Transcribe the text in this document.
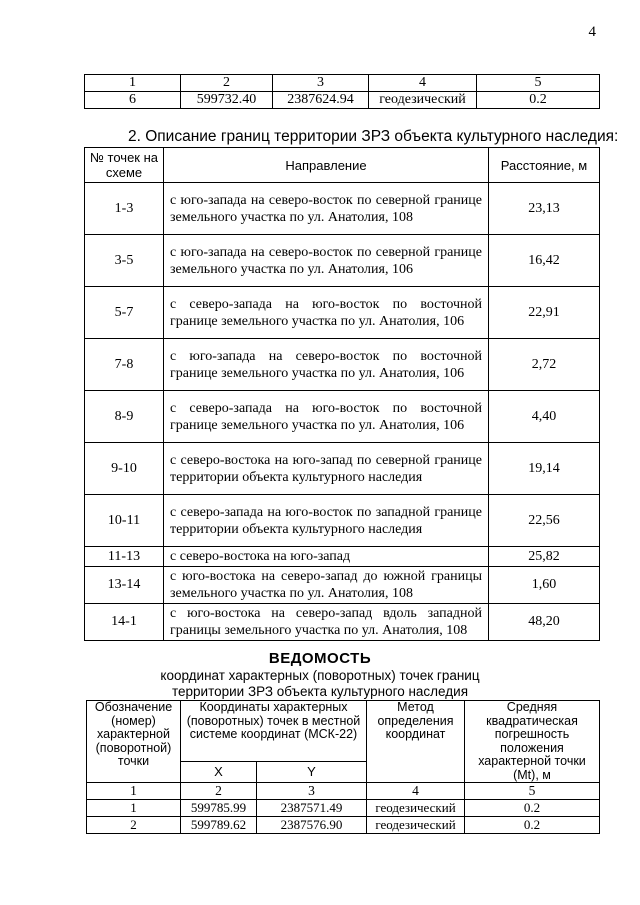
4
1	2	3	4	5
6	599732.40	2387624.94	геодезический	0.2
2. Описание границ территории ЗРЗ объекта культурного наследия:
№ точек на схеме	Направление	Расстояние, м
1-3	с юго-запада на северо-восток по северной границе земельного участка по ул. Анатолия, 108	23,13
3-5	с юго-запада на северо-восток по северной границе земельного участка по ул. Анатолия, 106	16,42
5-7	с северо-запада на юго-восток по восточной границе земельного участка по ул. Анатолия, 106	22,91
7-8	с юго-запада на северо-восток по восточной границе земельного участка по ул. Анатолия, 106	2,72
8-9	с северо-запада на юго-восток по восточной границе земельного участка по ул. Анатолия, 106	4,40
9-10	с северо-востока на юго-запад по северной границе территории объекта культурного наследия	19,14
10-11	с северо-запада на юго-восток по западной границе территории объекта культурного наследия	22,56
11-13	с северо-востока на юго-запад	25,82
13-14	с юго-востока на северо-запад до южной границы земельного участка по ул. Анатолия, 108	1,60
14-1	с юго-востока на северо-запад вдоль западной границы земельного участка по ул. Анатолия, 108	48,20
ВЕДОМОСТЬ
координат характерных (поворотных) точек границ
территории ЗРЗ объекта культурного наследия
Обозначение (номер) характерной (поворотной) точки	Координаты характерных (поворотных) точек в местной системе координат (МСК-22)		Метод определения координат	Средняя квадратическая погрешность положения характерной точки (Mt), м
	X	Y		
1	2	3	4	5
1	599785.99	2387571.49	геодезический	0.2
2	599789.62	2387576.90	геодезический	0.2
